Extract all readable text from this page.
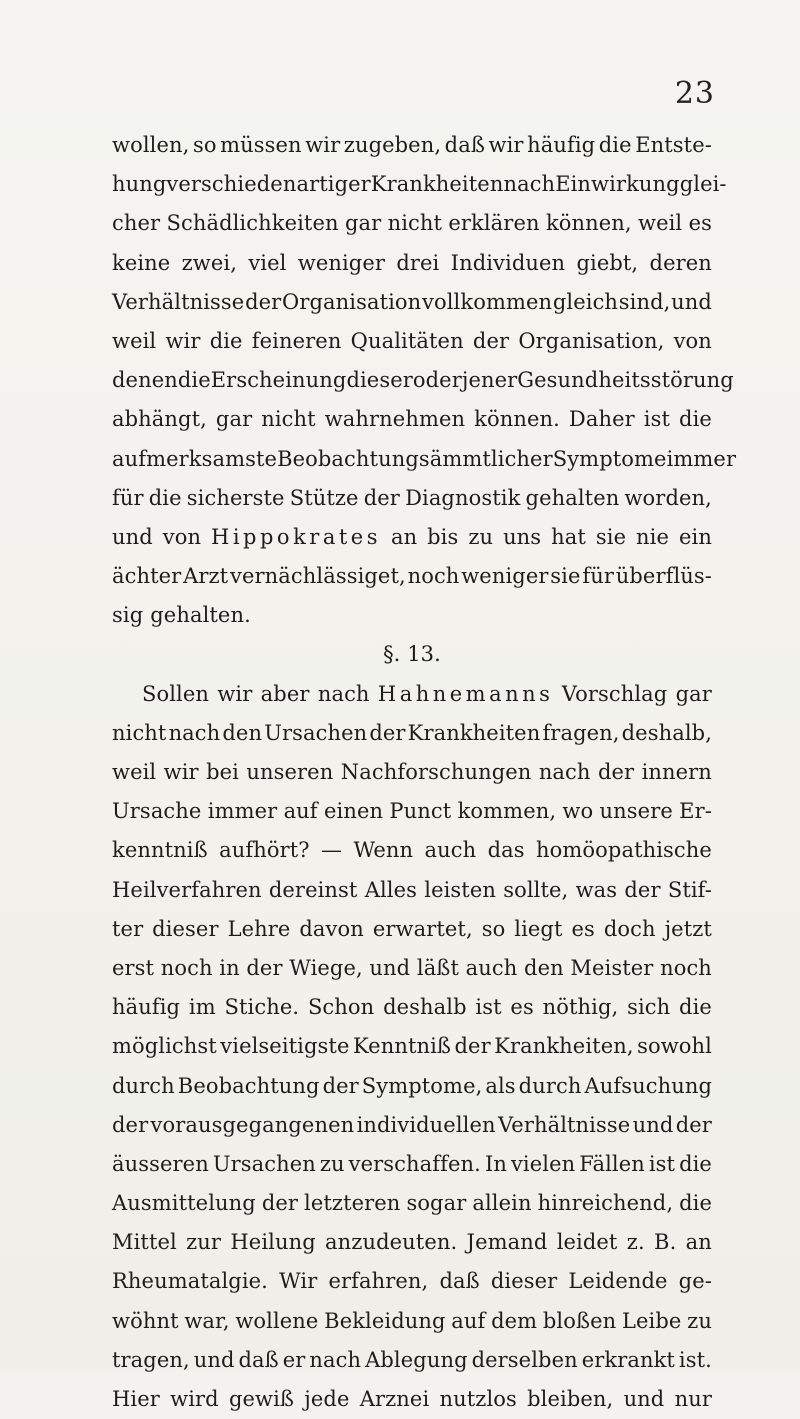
23
wollen, so müssen wir zugeben, daß wir häufig die Entste-
hung verschiedenartiger Krankheiten nach Einwirkung glei-
cher Schädlichkeiten gar nicht erklären können, weil es
keine zwei, viel weniger drei Individuen giebt, deren
Verhältnisse der Organisation vollkommen gleich sind, und
weil wir die feineren Qualitäten der Organisation, von
denen die Erscheinung dieser oder jener Gesundheitsstörung
abhängt, gar nicht wahrnehmen können. Daher ist die
aufmerksamste Beobachtung sämmtlicher Symptome immer
für die sicherste Stütze der Diagnostik gehalten worden,
und von Hippokrates an bis zu uns hat sie nie ein
ächter Arzt vernächlässiget, noch weniger sie für überflüs-
sig gehalten.
§. 13.
Sollen wir aber nach Hahnemanns Vorschlag gar
nicht nach den Ursachen der Krankheiten fragen, deshalb,
weil wir bei unseren Nachforschungen nach der innern
Ursache immer auf einen Punct kommen, wo unsere Er-
kenntniß aufhört? — Wenn auch das homöopathische
Heilverfahren dereinst Alles leisten sollte, was der Stif-
ter dieser Lehre davon erwartet, so liegt es doch jetzt
erst noch in der Wiege, und läßt auch den Meister noch
häufig im Stiche. Schon deshalb ist es nöthig, sich die
möglichst vielseitigste Kenntniß der Krankheiten, sowohl
durch Beobachtung der Symptome, als durch Aufsuchung
der vorausgegangenen individuellen Verhältnisse und der
äusseren Ursachen zu verschaffen. In vielen Fällen ist die
Ausmittelung der letzteren sogar allein hinreichend, die
Mittel zur Heilung anzudeuten. Jemand leidet z. B. an
Rheumatalgie. Wir erfahren, daß dieser Leidende ge-
wöhnt war, wollene Bekleidung auf dem bloßen Leibe zu
tragen, und daß er nach Ablegung derselben erkrankt ist.
Hier wird gewiß jede Arznei nutzlos bleiben, und nur
